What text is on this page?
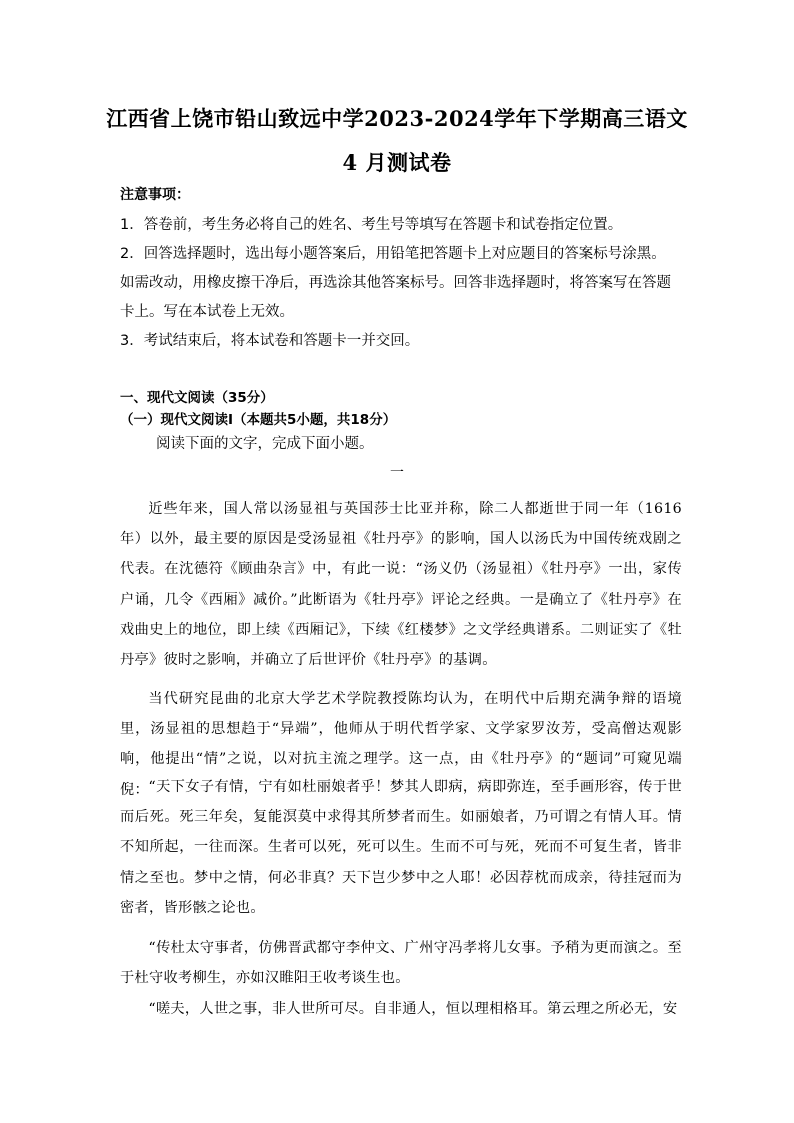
江西省上饶市铅山致远中学2023-2024学年下学期高三语文
4 月测试卷
注意事项：
1．答卷前，考生务必将自己的姓名、考生号等填写在答题卡和试卷指定位置。
2．回答选择题时，选出每小题答案后，用铅笔把答题卡上对应题目的答案标号涂黑。如需改动，用橡皮擦干净后，再选涂其他答案标号。回答非选择题时，将答案写在答题卡上。写在本试卷上无效。
3．考试结束后，将本试卷和答题卡一并交回。
一、现代文阅读（35分）
（一）现代文阅读Ⅰ（本题共5小题，共18分）
阅读下面的文字，完成下面小题。
一
近些年来，国人常以汤显祖与英国莎士比亚并称，除二人都逝世于同一年（1616年）以外，最主要的原因是受汤显祖《牡丹亭》的影响，国人以汤氏为中国传统戏剧之代表。在沈德符《顾曲杂言》中，有此一说：“汤义仍（汤显祖）《牡丹亭》一出，家传户诵，几令《西厢》减价。”此断语为《牡丹亭》评论之经典。一是确立了《牡丹亭》在戏曲史上的地位，即上续《西厢记》，下续《红楼梦》之文学经典谱系。二则证实了《牡丹亭》彼时之影响，并确立了后世评价《牡丹亭》的基调。
当代研究昆曲的北京大学艺术学院教授陈均认为，在明代中后期充满争辩的语境里，汤显祖的思想趋于“异端”，他师从于明代哲学家、文学家罗汝芳，受高僧达观影响，他提出“情”之说，以对抗主流之理学。这一点，由《牡丹亭》的“题词”可窥见端倪： “天下女子有情，宁有如杜丽娘者乎！梦其人即病，病即弥连，至手画形容，传于世而后死。死三年矣，复能溟莫中求得其所梦者而生。如丽娘者，乃可谓之有情人耳。情不知所起，一往而深。生者可以死，死可以生。生而不可与死，死而不可复生者，皆非情之至也。梦中之情，何必非真？天下岂少梦中之人耶！必因荐枕而成亲，待挂冠而为密者，皆形骸之论也。
“传杜太守事者，仿佛晋武都守李仲文、广州守冯孝将儿女事。予稍为更而演之。至于杜守收考柳生，亦如汉睢阳王收考谈生也。
“嗟夫，人世之事，非人世所可尽。自非通人，恒以理相格耳。第云理之所必无，安
